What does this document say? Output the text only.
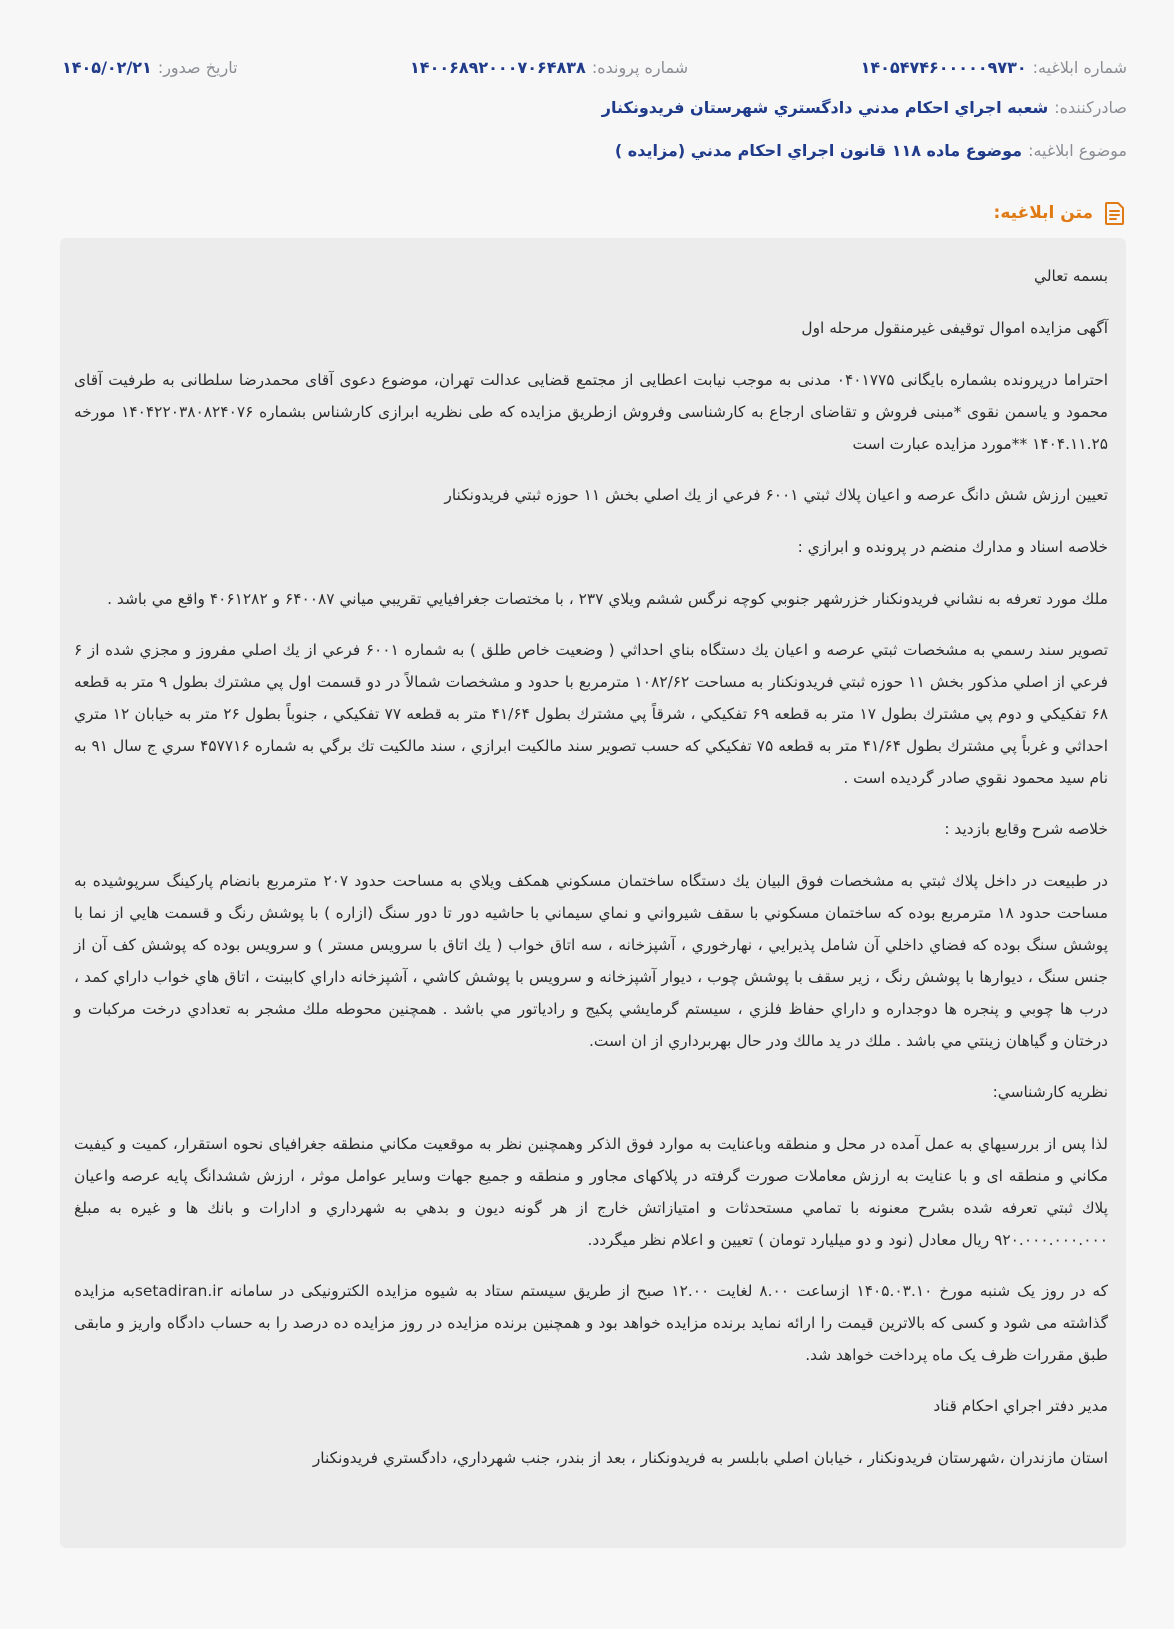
شماره ابلاغیه:
۱۴۰۵۴۷۴۶۰۰۰۰۰۹۷۳۰
شماره پرونده:
۱۴۰۰۶۸۹۲۰۰۰۷۰۶۴۸۳۸
تاریخ صدور:
۱۴۰۵/۰۲/۲۱
صادرکننده:
شعبه اجراي احكام مدني دادگستري شهرستان فريدونكنار
موضوع ابلاغیه:
موضوع ماده ۱۱۸ قانون اجراي احكام مدني (مزايده )
متن ابلاغیه:

بسمه تعالي

آگهی مزایده اموال توقیفی غیرمنقول مرحله اول

احتراما درپرونده بشماره بایگانی ۰۴۰۱۷۷۵ مدنی به موجب نیابت اعطایی از مجتمع قضایی عدالت تهران، موضوع دعوی آقای محمدرضا سلطانی به طرفیت آقای محمود و یاسمن نقوی *مبنی فروش و تقاضای ارجاع به کارشناسی وفروش ازطریق مزایده که طی نظریه ابرازی کارشناس بشماره ۱۴۰۴۲۲۰۳۸۰۸۲۴۰۷۶ مورخه ۱۴۰۴.۱۱.۲۵ **مورد مزایده عبارت است

تعيين ارزش شش دانگ عرصه و اعيان پلاك ثبتي ۶۰۰۱ فرعي از يك اصلي بخش ۱۱ حوزه ثبتي فريدونكنار

خلاصه اسناد و مدارك منضم در پرونده و ابرازي :

ملك مورد تعرفه به نشاني فريدونكنار خزرشهر جنوبي كوچه نرگس ششم ويلاي ۲۳۷ ، با مختصات جغرافيايي تقريبي مياني ۶۴۰۰۸۷ و ۴۰۶۱۲۸۲ واقع مي باشد .

تصوير سند رسمي به مشخصات ثبتي عرصه و اعيان يك دستگاه بناي احداثي ( وضعيت خاص طلق ) به شماره ۶۰۰۱ فرعي از يك اصلي مفروز و مجزي شده از ۶ فرعي از اصلي مذكور بخش ۱۱ حوزه ثبتي فريدونكنار به مساحت ۱۰۸۲/۶۲ مترمربع با حدود و مشخصات شمالاً در دو قسمت اول پي مشترك بطول ۹ متر به قطعه ۶۸ تفكيكي و دوم پي مشترك بطول ۱۷ متر به قطعه ۶۹ تفكيكي ، شرقاً پي مشترك بطول ۴۱/۶۴ متر به قطعه ۷۷ تفكيكي ، جنوباً بطول ۲۶ متر به خيابان ۱۲ متري احداثي و غرباً پي مشترك بطول ۴۱/۶۴ متر به قطعه ۷۵ تفكيكي كه حسب تصوير سند مالكيت ابرازي ، سند مالكيت تك برگي به شماره ۴۵۷۷۱۶ سري ج سال ۹۱ به نام سيد محمود نقوي صادر گرديده است .

خلاصه شرح وقايع بازديد :

در طبيعت در داخل پلاك ثبتي به مشخصات فوق البيان يك دستگاه ساختمان مسكوني همكف ويلاي به مساحت حدود ۲۰۷ مترمربع بانضام پاركينگ سرپوشيده به مساحت حدود ۱۸ مترمربع بوده كه ساختمان مسكوني با سقف شيرواني و نماي سيماني با حاشيه دور تا دور سنگ (ازاره ) با پوشش رنگ و قسمت هايي از نما با پوشش سنگ بوده كه فضاي داخلي آن شامل پذيرايي ، نهارخوري ، آشپزخانه ، سه اتاق خواب ( يك اتاق با سرويس مستر ) و سرويس بوده كه پوشش كف آن از جنس سنگ ، ديوارها با پوشش رنگ ، زير سقف با پوشش چوب ، ديوار آشپزخانه و سرويس با پوشش كاشي ، آشپزخانه داراي كابينت ، اتاق هاي خواب داراي كمد ، درب ها چوبي و پنجره ها دوجداره و داراي حفاظ فلزي ، سيستم گرمايشي پكيج و رادياتور مي باشد . همچنين محوطه ملك مشجر به تعدادي درخت مركبات و درختان و گياهان زينتي مي باشد . ملك در يد مالك ودر حال بهربرداري از ان است.

نظريه كارشناسي:

لذا پس از بررسيهاي به عمل آمده در محل و منطقه وباعنايت به موارد فوق الذكر وهمچنين نظر به موقعيت مكاني منطقه جغرافيای نحوه استقرار، كميت و كيفيت مكاني و منطقه اى و با عنايت به ارزش معاملات صورت گرفته در پلاكهاى مجاور و منطقه و جميع جهات وساير عوامل موثر ، ارزش ششدانگ پايه عرصه واعيان پلاك ثبتي تعرفه شده بشرح معنونه با تمامي مستحدثات و امتيازاتش خارج از هر گونه ديون و بدهي به شهرداري و ادارات و بانك ها و غيره به مبلغ ۹۲۰.۰۰۰.۰۰۰.۰۰۰ ريال معادل (نود و دو ميليارد تومان ) تعيين و اعلام نظر ميگردد.

كه در روز یک شنبه مورخ ۱۴۰۵.۰۳.۱۰ ازساعت ۸.۰۰ لغایت ۱۲.۰۰ صبح از طریق سیستم ستاد به شیوه مزایده الکترونیکی در سامانه setadiran.irبه مزایده گذاشته می شود و کسی که بالاترین قیمت را ارائه نماید برنده مزایده خواهد بود و همچنین برنده مزایده در روز مزایده ده درصد را به حساب دادگاه واریز و مابقی طبق مقررات ظرف یک ماه پرداخت خواهد شد.

مدير دفتر اجراي احكام قناد

استان مازندران ،شهرستان فريدونكنار ، خيابان اصلي بابلسر به فريدونكنار ، بعد از بندر، جنب شهرداري، دادگستري فريدونكنار
